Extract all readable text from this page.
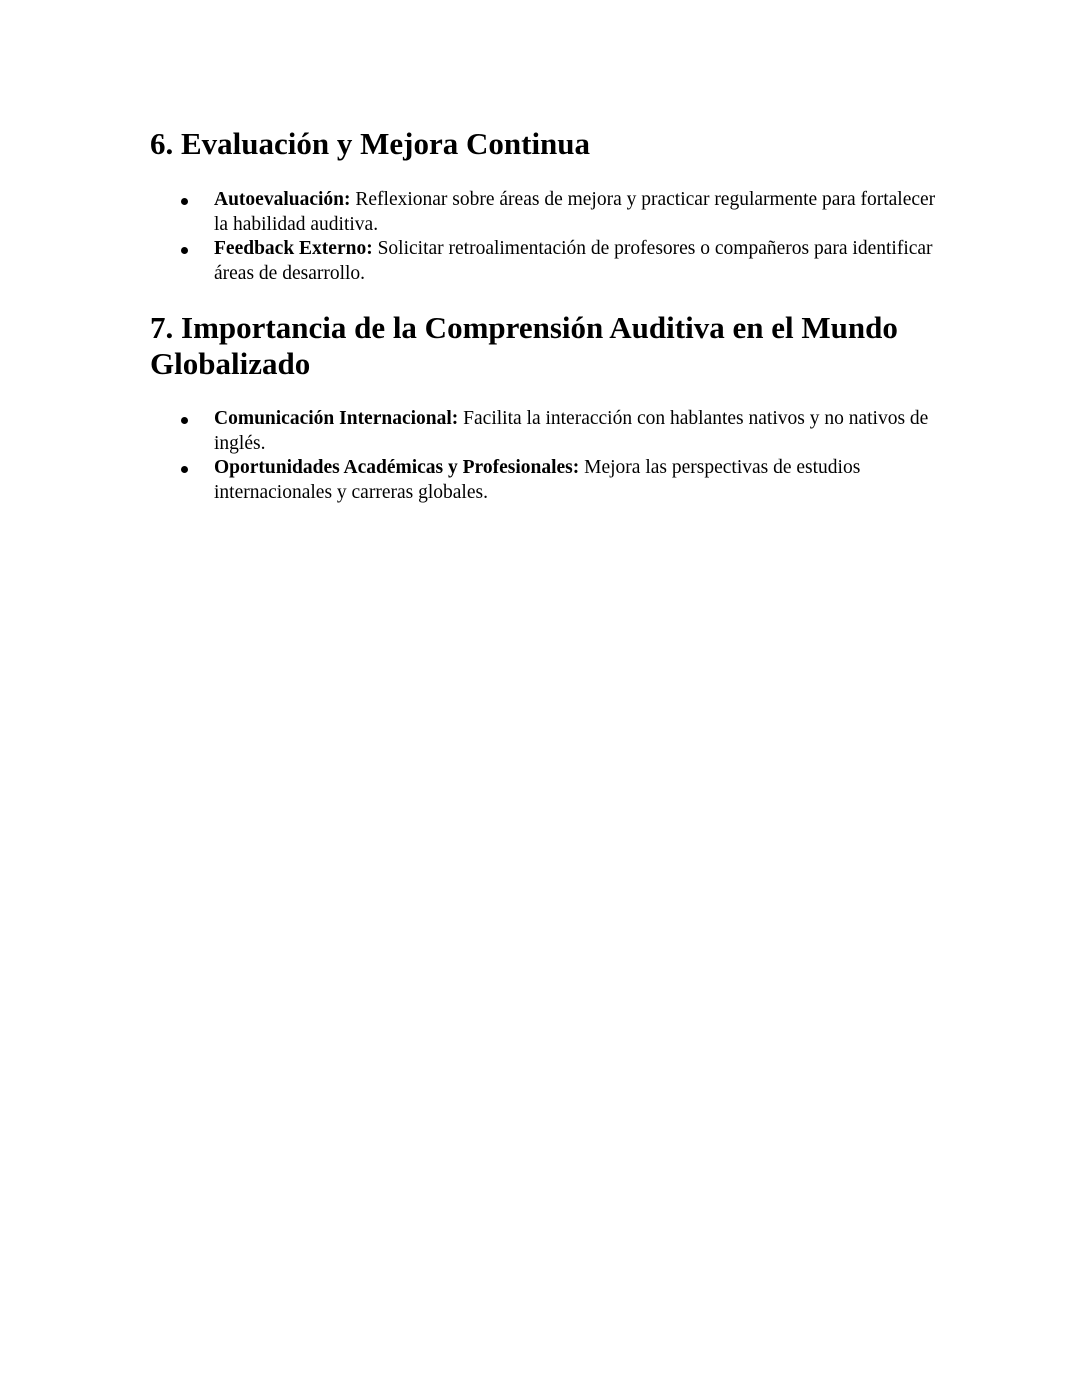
6. Evaluación y Mejora Continua
Autoevaluación: Reflexionar sobre áreas de mejora y practicar regularmente para fortalecer la habilidad auditiva.
Feedback Externo: Solicitar retroalimentación de profesores o compañeros para identificar áreas de desarrollo.
7. Importancia de la Comprensión Auditiva en el Mundo Globalizado
Comunicación Internacional: Facilita la interacción con hablantes nativos y no nativos de inglés.
Oportunidades Académicas y Profesionales: Mejora las perspectivas de estudios internacionales y carreras globales.
